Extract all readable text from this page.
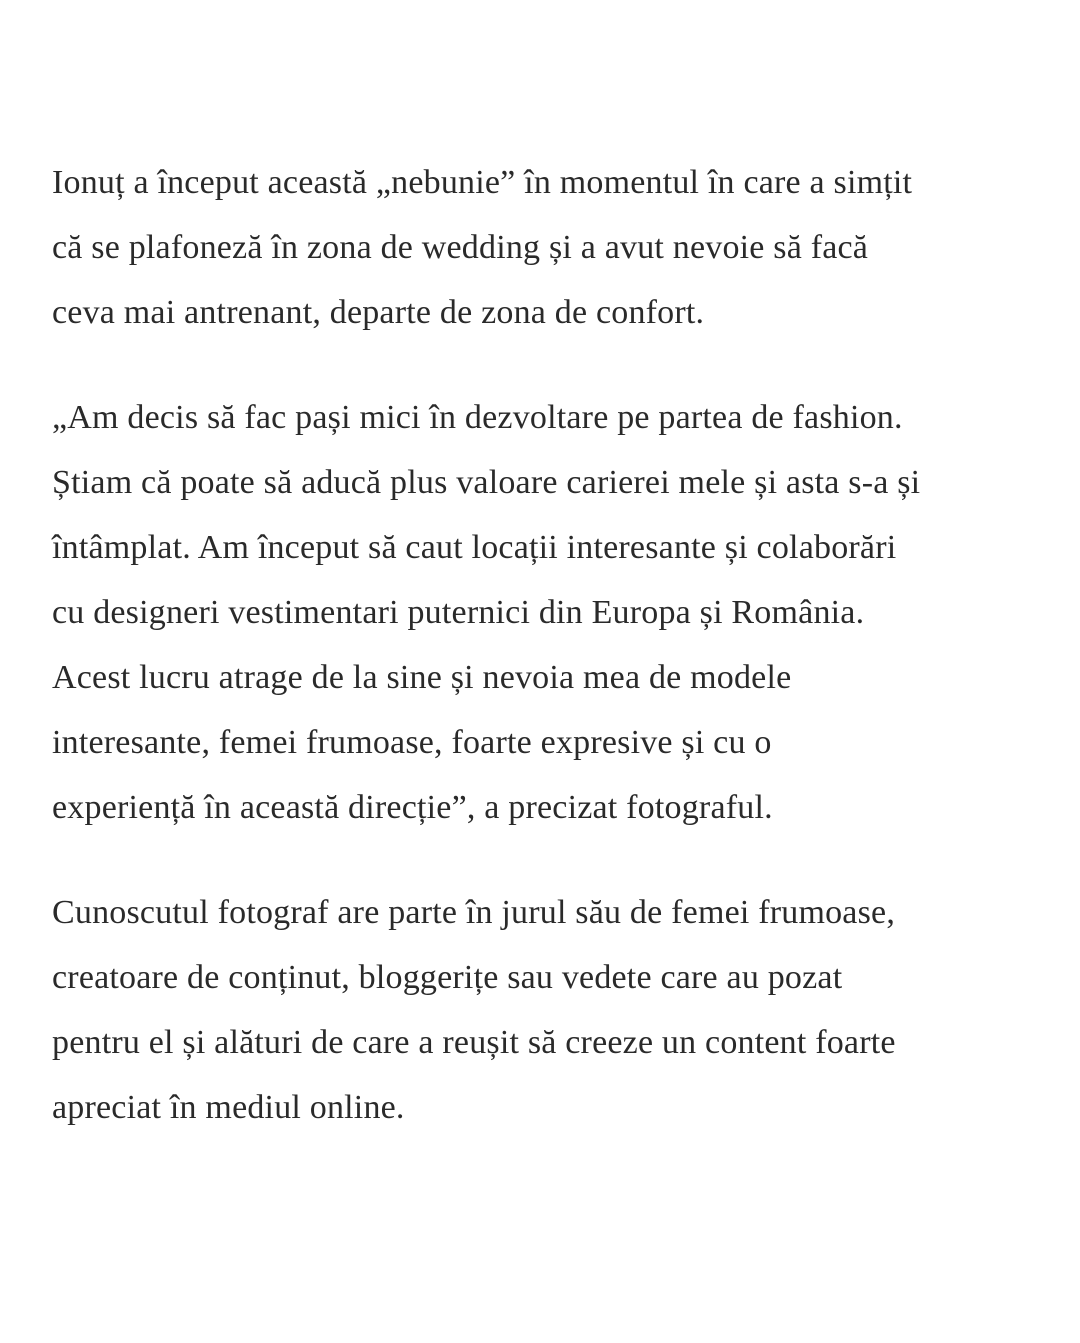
Ionuț a început această „nebunie” în momentul în care a simțit
că se plafoneză în zona de wedding și a avut nevoie să facă
ceva mai antrenant, departe de zona de confort.
„Am decis să fac pași mici în dezvoltare pe partea de fashion.
Știam că poate să aducă plus valoare carierei mele și asta s-a și
întâmplat. Am început să caut locații interesante și colaborări
cu designeri vestimentari puternici din Europa și România.
Acest lucru atrage de la sine și nevoia mea de modele
interesante, femei frumoase, foarte expresive și cu o
experiență în această direcție”, a precizat fotograful.
Cunoscutul fotograf are parte în jurul său de femei frumoase,
creatoare de conținut, bloggerițe sau vedete care au pozat
pentru el și alături de care a reușit să creeze un content foarte
apreciat în mediul online.
